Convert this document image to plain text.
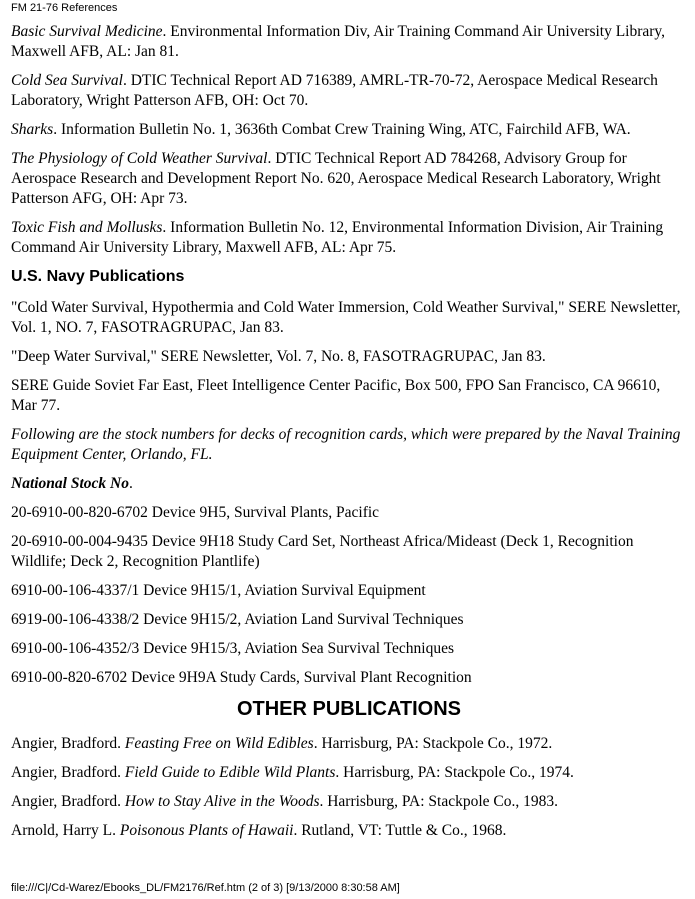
FM 21-76 References

Basic Survival Medicine. Environmental Information Div, Air Training Command Air University Library, Maxwell AFB, AL: Jan 81.

Cold Sea Survival. DTIC Technical Report AD 716389, AMRL-TR-70-72, Aerospace Medical Research Laboratory, Wright Patterson AFB, OH: Oct 70.

Sharks. Information Bulletin No. 1, 3636th Combat Crew Training Wing, ATC, Fairchild AFB, WA.

The Physiology of Cold Weather Survival. DTIC Technical Report AD 784268, Advisory Group for Aerospace Research and Development Report No. 620, Aerospace Medical Research Laboratory, Wright Patterson AFG, OH: Apr 73.

Toxic Fish and Mollusks. Information Bulletin No. 12, Environmental Information Division, Air Training Command Air University Library, Maxwell AFB, AL: Apr 75.

U.S. Navy Publications

"Cold Water Survival, Hypothermia and Cold Water Immersion, Cold Weather Survival," SERE Newsletter, Vol. 1, NO. 7, FASOTRAGRUPAC, Jan 83.

"Deep Water Survival," SERE Newsletter, Vol. 7, No. 8, FASOTRAGRUPAC, Jan 83.

SERE Guide Soviet Far East, Fleet Intelligence Center Pacific, Box 500, FPO San Francisco, CA 96610, Mar 77.

Following are the stock numbers for decks of recognition cards, which were prepared by the Naval Training Equipment Center, Orlando, FL.

National Stock No.

20-6910-00-820-6702 Device 9H5, Survival Plants, Pacific

20-6910-00-004-9435 Device 9H18 Study Card Set, Northeast Africa/Mideast (Deck 1, Recognition Wildlife; Deck 2, Recognition Plantlife)

6910-00-106-4337/1 Device 9H15/1, Aviation Survival Equipment

6919-00-106-4338/2 Device 9H15/2, Aviation Land Survival Techniques

6910-00-106-4352/3 Device 9H15/3, Aviation Sea Survival Techniques

6910-00-820-6702 Device 9H9A Study Cards, Survival Plant Recognition

OTHER PUBLICATIONS

Angier, Bradford. Feasting Free on Wild Edibles. Harrisburg, PA: Stackpole Co., 1972.

Angier, Bradford. Field Guide to Edible Wild Plants. Harrisburg, PA: Stackpole Co., 1974.

Angier, Bradford. How to Stay Alive in the Woods. Harrisburg, PA: Stackpole Co., 1983.

Arnold, Harry L. Poisonous Plants of Hawaii. Rutland, VT: Tuttle & Co., 1968.

file:///C|/Cd-Warez/Ebooks_DL/FM2176/Ref.htm (2 of 3) [9/13/2000 8:30:58 AM]
